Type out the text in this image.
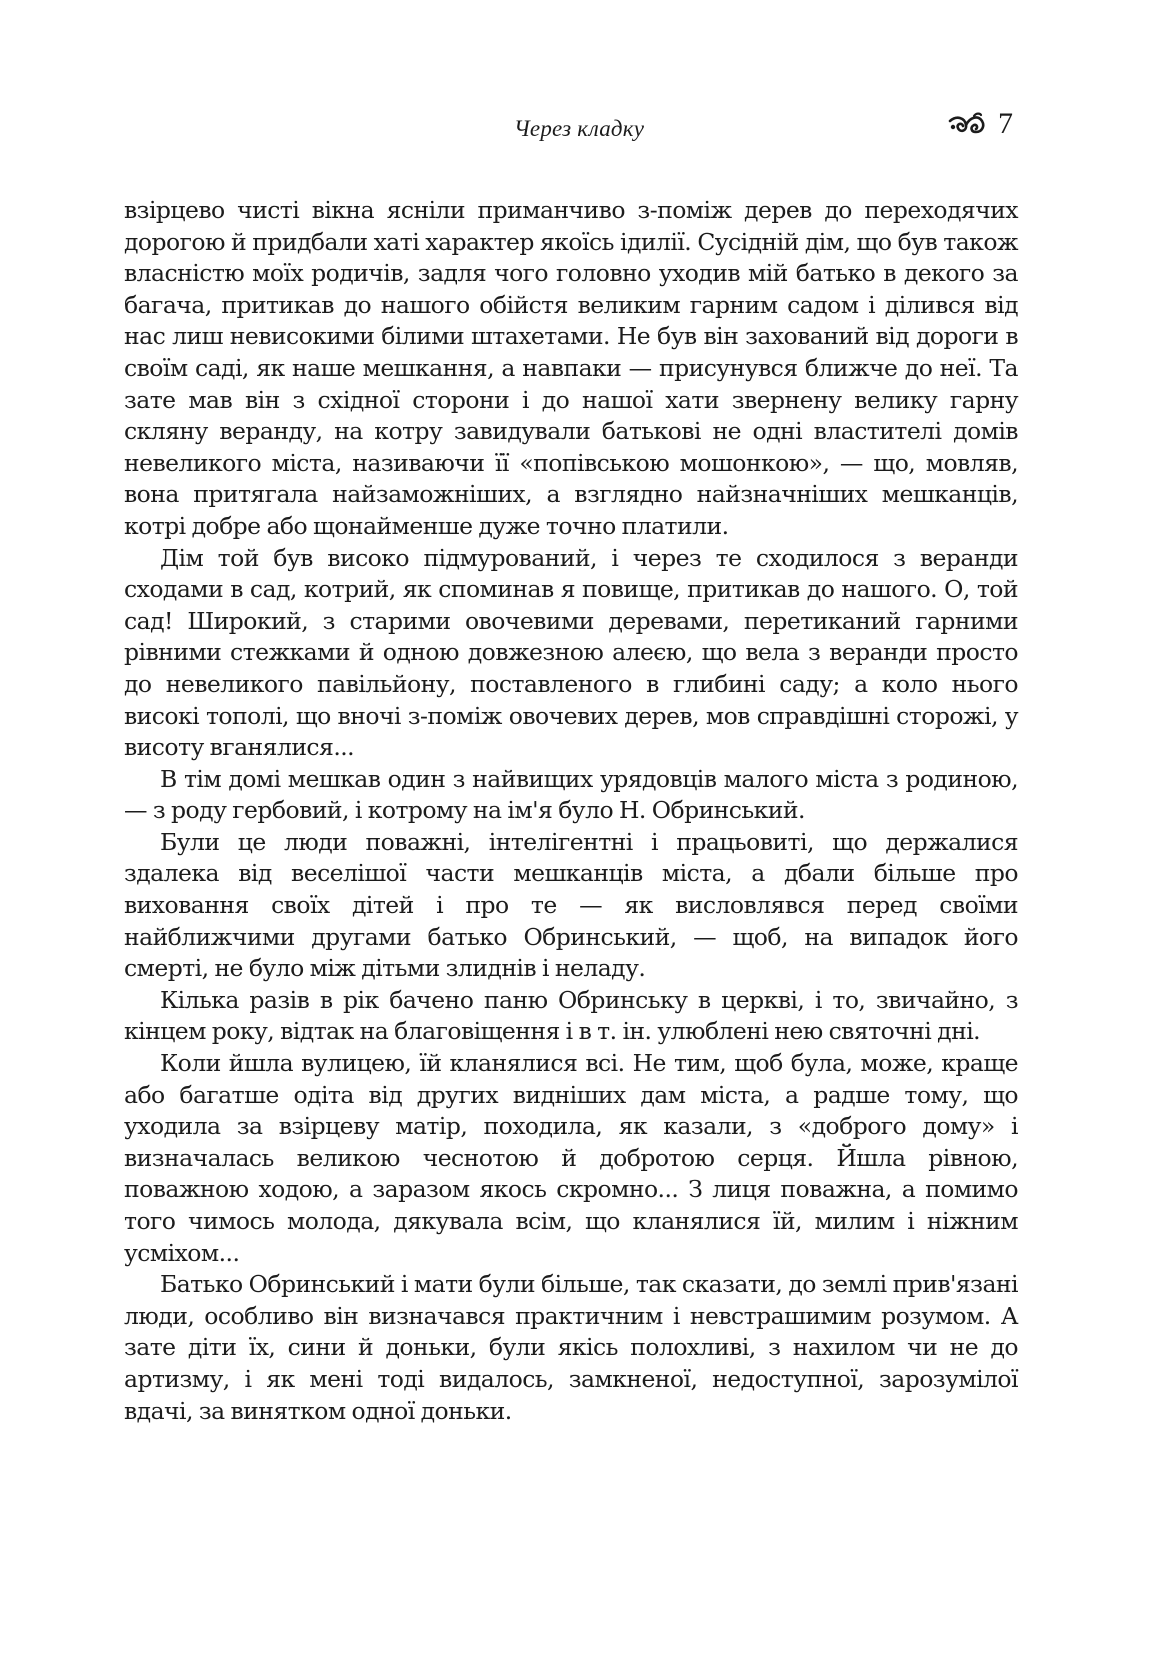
Через кладку	7

взірцево чисті вікна ясніли приманчиво з-поміж дерев до переходячих дорогою й придбали хаті характер якоїсь ідилії. Сусідній дім, що був також власністю моїх родичів, задля чого головно уходив мій батько в декого за багача, притикав до нашого обійстя великим гарним садом і ділився від нас лиш невисокими білими штахетами. Не був він захований від дороги в своїм саді, як наше мешкання, а навпаки — присунувся ближче до неї. Та зате мав він з східної сторони і до нашої хати звернену велику гарну скляну веранду, на котру завидували батькові не одні властителі домів невеликого міста, називаючи її «попівською мошонкою», — що, мовляв, вона притягала найзаможніших, а взглядно найзначніших мешканців, котрі добре або щонайменше дуже точно платили.

Дім той був високо підмурований, і через те сходилося з веранди сходами в сад, котрий, як споминав я повище, притикав до нашого. О, той сад! Широкий, з старими овочевими деревами, перетиканий гарними рівними стежками й одною довжезною алеєю, що вела з веранди просто до невеликого павільйону, поставленого в глибині саду; а коло нього високі тополі, що вночі з-поміж овочевих дерев, мов справдішні сторожі, у висоту вганялися...

В тім домі мешкав один з найвищих урядовців малого міста з родиною, — з роду гербовий, і котрому на ім'я було Н. Обринський.

Були це люди поважні, інтелігентні і працьовиті, що держалися здалека від веселішої части мешканців міста, а дбали більше про виховання своїх дітей і про те — як висловлявся перед своїми найближчими другами батько Обринський, — щоб, на випадок його смерті, не було між дітьми злиднів і неладу.

Кілька разів в рік бачено паню Обринську в церкві, і то, звичайно, з кінцем року, відтак на благовіщення і в т. ін. улюблені нею святочні дні.

Коли йшла вулицею, їй кланялися всі. Не тим, щоб була, може, краще або багатше одіта від других видніших дам міста, а радше тому, що уходила за взірцеву матір, походила, як казали, з «доброго дому» і визначалась великою чеснотою й добротою серця. Йшла рівною, поважною ходою, а заразом якось скромно... З лиця поважна, а помимо того чимось молода, дякувала всім, що кланялися їй, милим і ніжним усміхом...

Батько Обринський і мати були більше, так сказати, до землі прив'язані люди, особливо він визначався практичним і невстрашимим розумом. А зате діти їх, сини й доньки, були якісь полохливі, з нахилом чи не до артизму, і як мені тоді видалось, замкненої, недоступної, зарозумілої вдачі, за винятком одної доньки.
